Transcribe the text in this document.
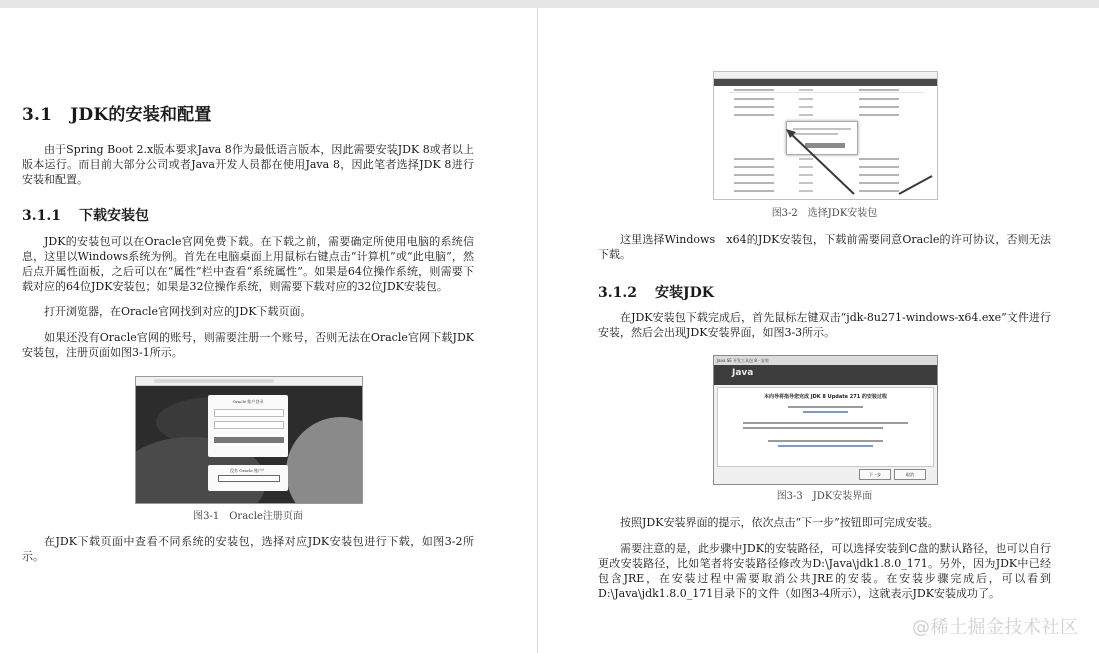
3.1 JDK的安装和配置

由于Spring Boot 2.x版本要求Java 8作为最低语言版本，因此需要安装JDK 8或者以上版本运行。而目前大部分公司或者Java开发人员都在使用Java 8，因此笔者选择JDK 8进行安装和配置。

3.1.1 下载安装包

JDK的安装包可以在Oracle官网免费下载。在下载之前，需要确定所使用电脑的系统信息，这里以Windows系统为例。首先在电脑桌面上用鼠标右键点击“计算机”或“此电脑”，然后点开属性面板，之后可以在“属性”栏中查看“系统属性”。如果是64位操作系统，则需要下载对应的64位JDK安装包；如果是32位操作系统，则需要下载对应的32位JDK安装包。

打开浏览器，在Oracle官网找到对应的JDK下载页面。

如果还没有Oracle官网的账号，则需要注册一个账号，否则无法在Oracle官网下载JDK安装包，注册页面如图3-1所示。

Oracle 账户登录
没有 Oracle 账户？

图3-1　Oracle注册页面

在JDK下载页面中查看不同系统的安装包，选择对应JDK安装包进行下载，如图3-2所示。

图3-2　选择JDK安装包

这里选择Windows　x64的JDK安装包，下载前需要同意Oracle的许可协议，否则无法下载。

3.1.2 安装JDK

在JDK安装包下载完成后，首先鼠标左键双击“jdk-8u271-windows-x64.exe”文件进行安装，然后会出现JDK安装界面，如图3-3所示。

Java SE 开发工具包 8 - 安装
Java
本向导将指导您完成 JDK 8 Update 271 的安装过程
下一步	取消

图3-3　JDK安装界面

按照JDK安装界面的提示，依次点击“下一步”按钮即可完成安装。

需要注意的是，此步骤中JDK的安装路径，可以选择安装到C盘的默认路径，也可以自行更改安装路径，比如笔者将安装路径修改为D:\Java\jdk1.8.0_171。另外，因为JDK中已经包含JRE，在安装过程中需要取消公共JRE的安装。在安装步骤完成后，可以看到D:\Java\jdk1.8.0_171目录下的文件（如图3-4所示），这就表示JDK安装成功了。

@稀土掘金技术社区
